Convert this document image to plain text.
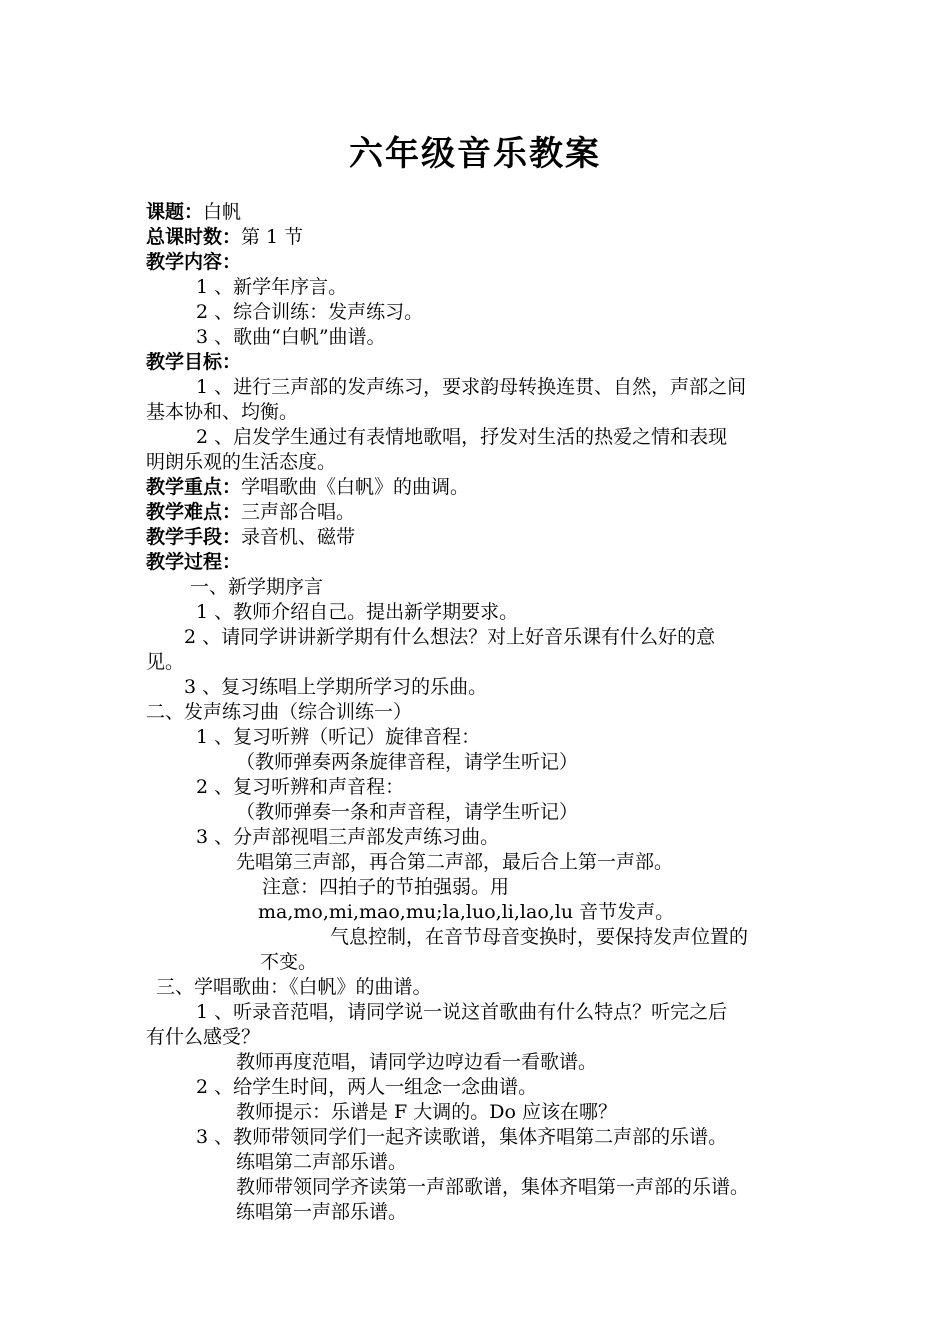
六年级音乐教案
课题：白帆
总课时数：第 1 节
教学内容：
1 、新学年序言。
2 、综合训练：发声练习。
3 、歌曲“白帆”曲谱。
教学目标：
1 、进行三声部的发声练习，要求韵母转换连贯、自然，声部之间
基本协和、均衡。
2 、启发学生通过有表情地歌唱，抒发对生活的热爱之情和表现
明朗乐观的生活态度。
教学重点：学唱歌曲《白帆》的曲调。
教学难点：三声部合唱。
教学手段：录音机、磁带
教学过程：
一、新学期序言
1 、教师介绍自己。提出新学期要求。
2 、请同学讲讲新学期有什么想法？对上好音乐课有什么好的意
见。
3 、复习练唱上学期所学习的乐曲。
二、发声练习曲（综合训练一）
1 、复习听辨（听记）旋律音程：
（教师弹奏两条旋律音程，请学生听记）
2 、复习听辨和声音程：
（教师弹奏一条和声音程，请学生听记）
3 、分声部视唱三声部发声练习曲。
先唱第三声部，再合第二声部，最后合上第一声部。
注意：四拍子的节拍强弱。用
ma,mo,mi,mao,mu;la,luo,li,lao,lu 音节发声。
气息控制，在音节母音变换时，要保持发声位置的
不变。
三、学唱歌曲：《白帆》的曲谱。
1 、听录音范唱，请同学说一说这首歌曲有什么特点？听完之后
有什么感受？
教师再度范唱，请同学边哼边看一看歌谱。
2 、给学生时间，两人一组念一念曲谱。
教师提示：乐谱是 F 大调的。Do 应该在哪？
3 、教师带领同学们一起齐读歌谱，集体齐唱第二声部的乐谱。
练唱第二声部乐谱。
教师带领同学齐读第一声部歌谱，集体齐唱第一声部的乐谱。
练唱第一声部乐谱。
